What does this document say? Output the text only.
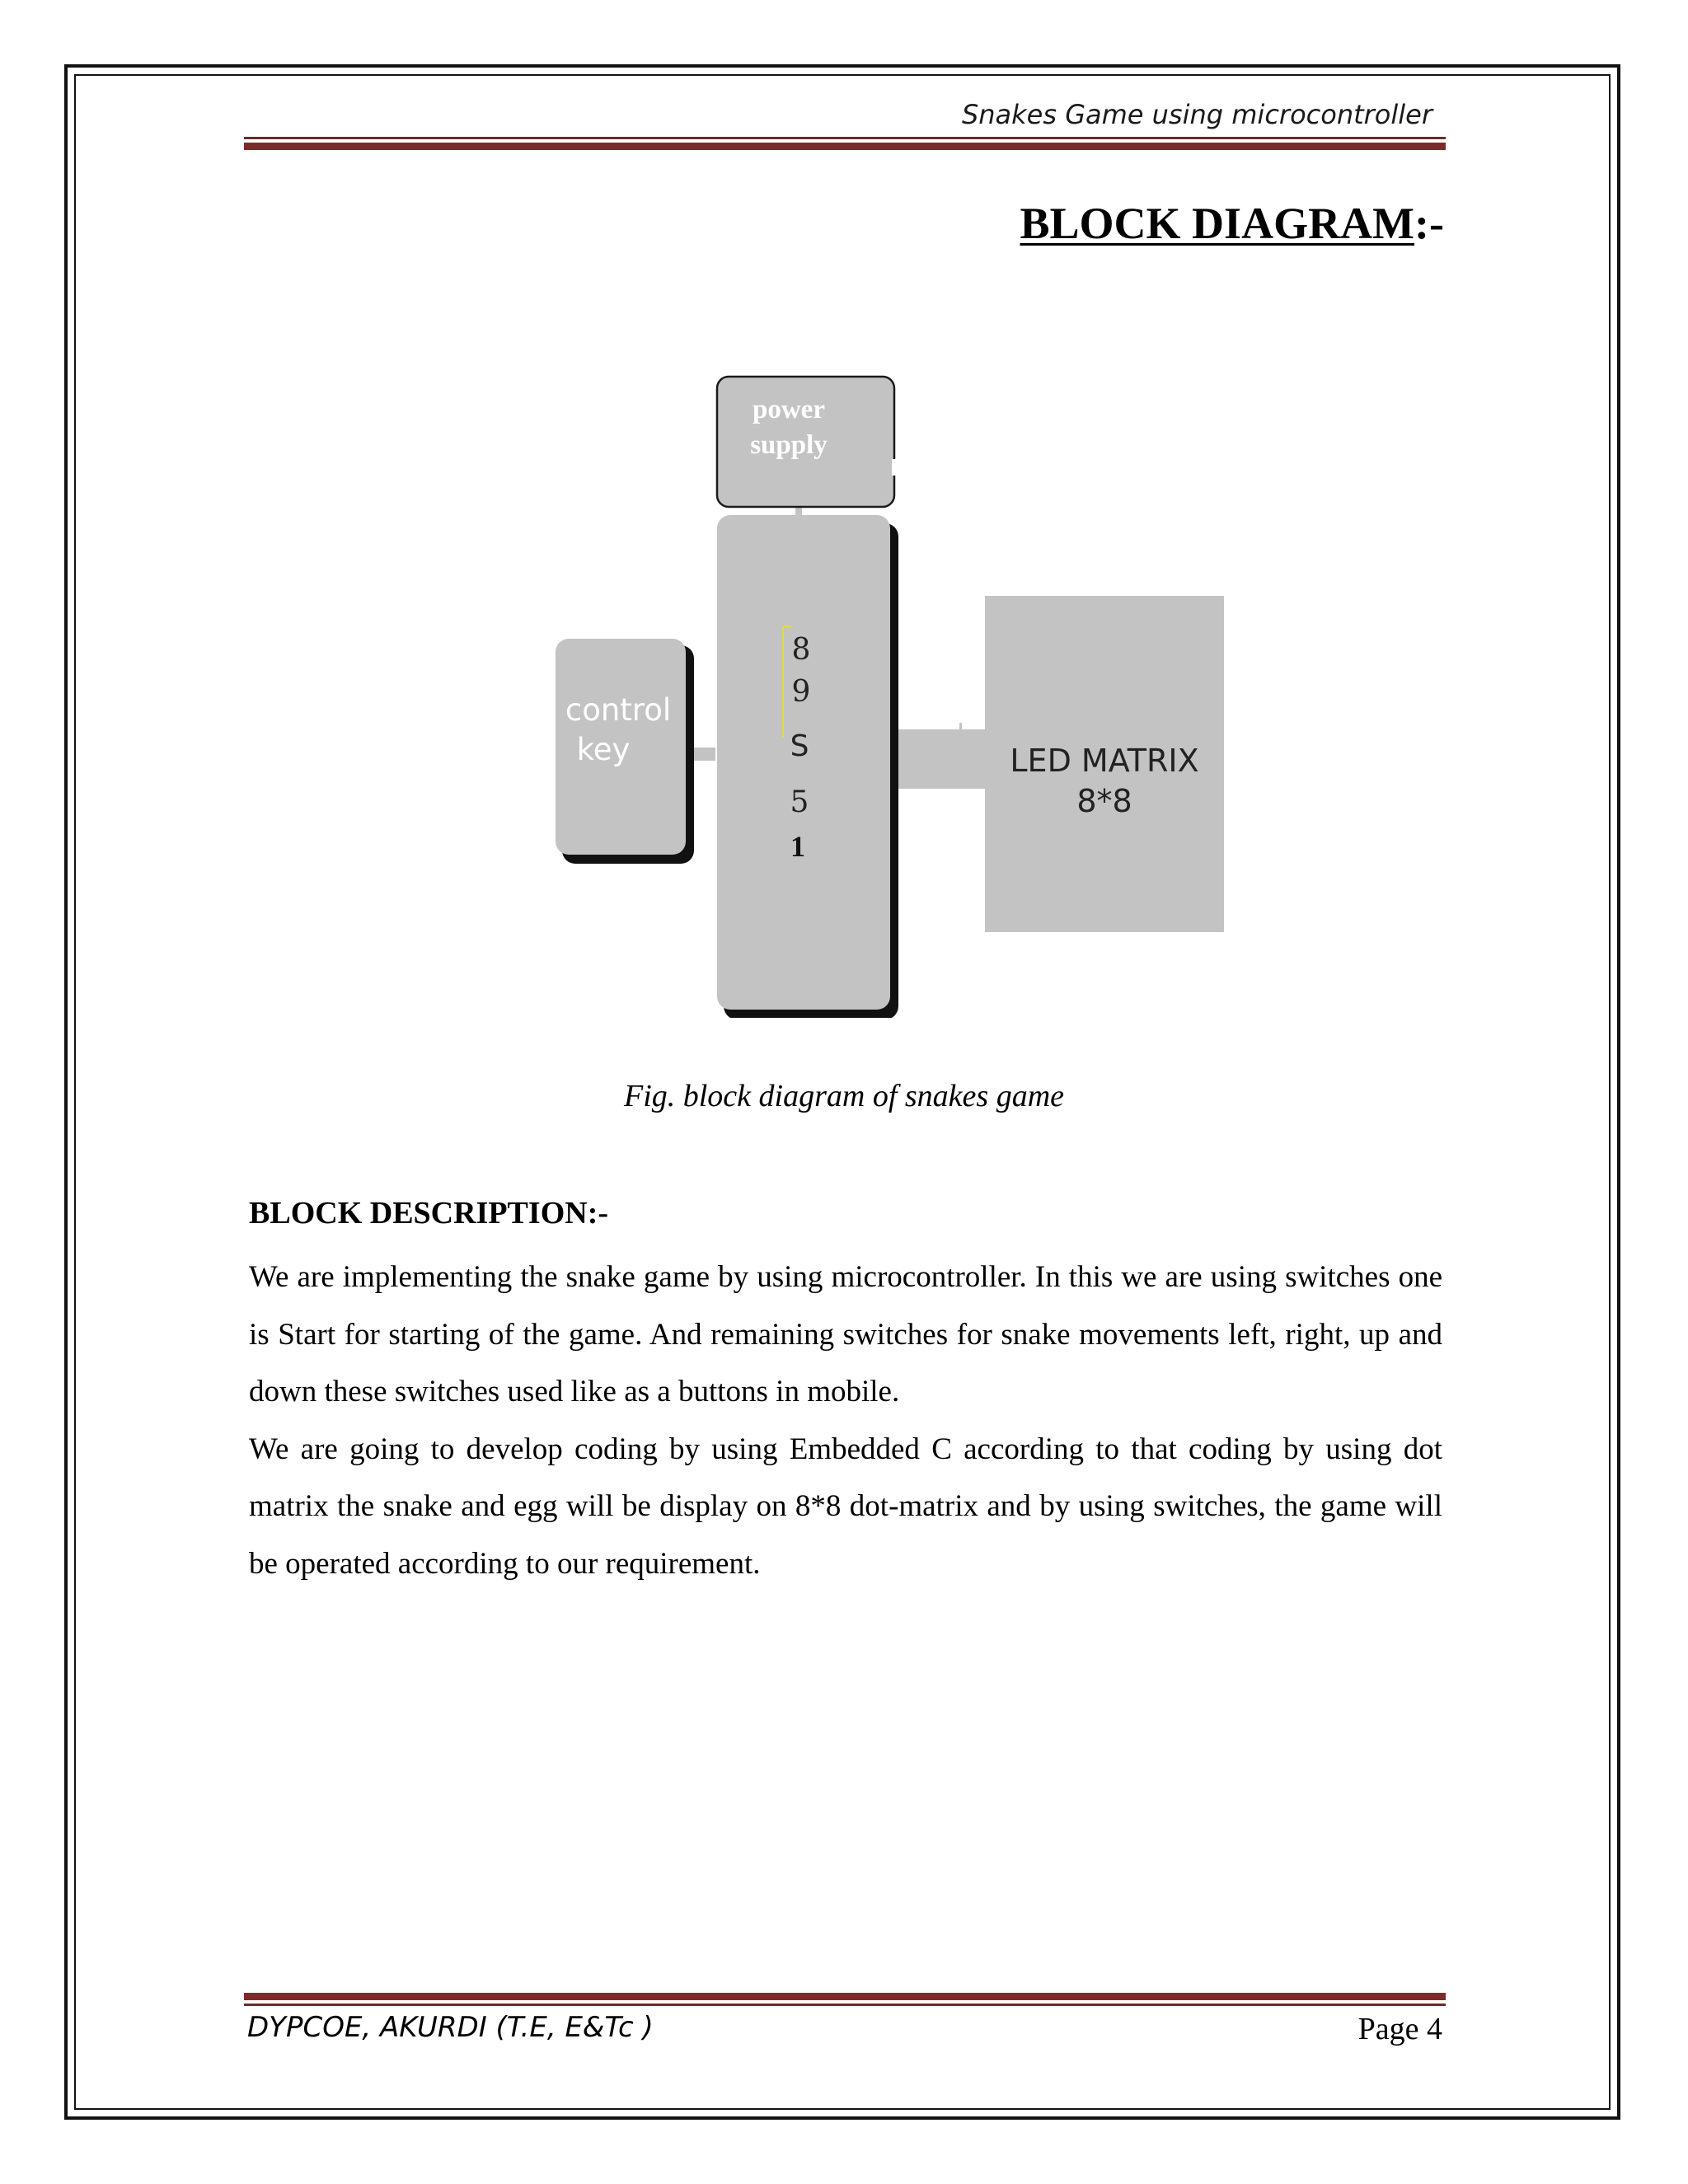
Snakes Game using microcontroller
BLOCK DIAGRAM:-
power
supply
control
key
8
9
S
5
1
LED MATRIX
8*8
Fig. block diagram of snakes game
BLOCK DESCRIPTION:-

We are implementing the snake game by using microcontroller. In this we are using switches one is Start for starting of the game. And remaining switches for snake movements left, right, up and down these switches used like as a buttons in mobile.

We are going to develop coding by using Embedded C according to that coding by using dot matrix the snake and egg will be display on 8*8 dot-matrix and by using switches, the game will be operated according to our requirement.

DYPCOE, AKURDI (T.E, E&Tc )	Page 4
